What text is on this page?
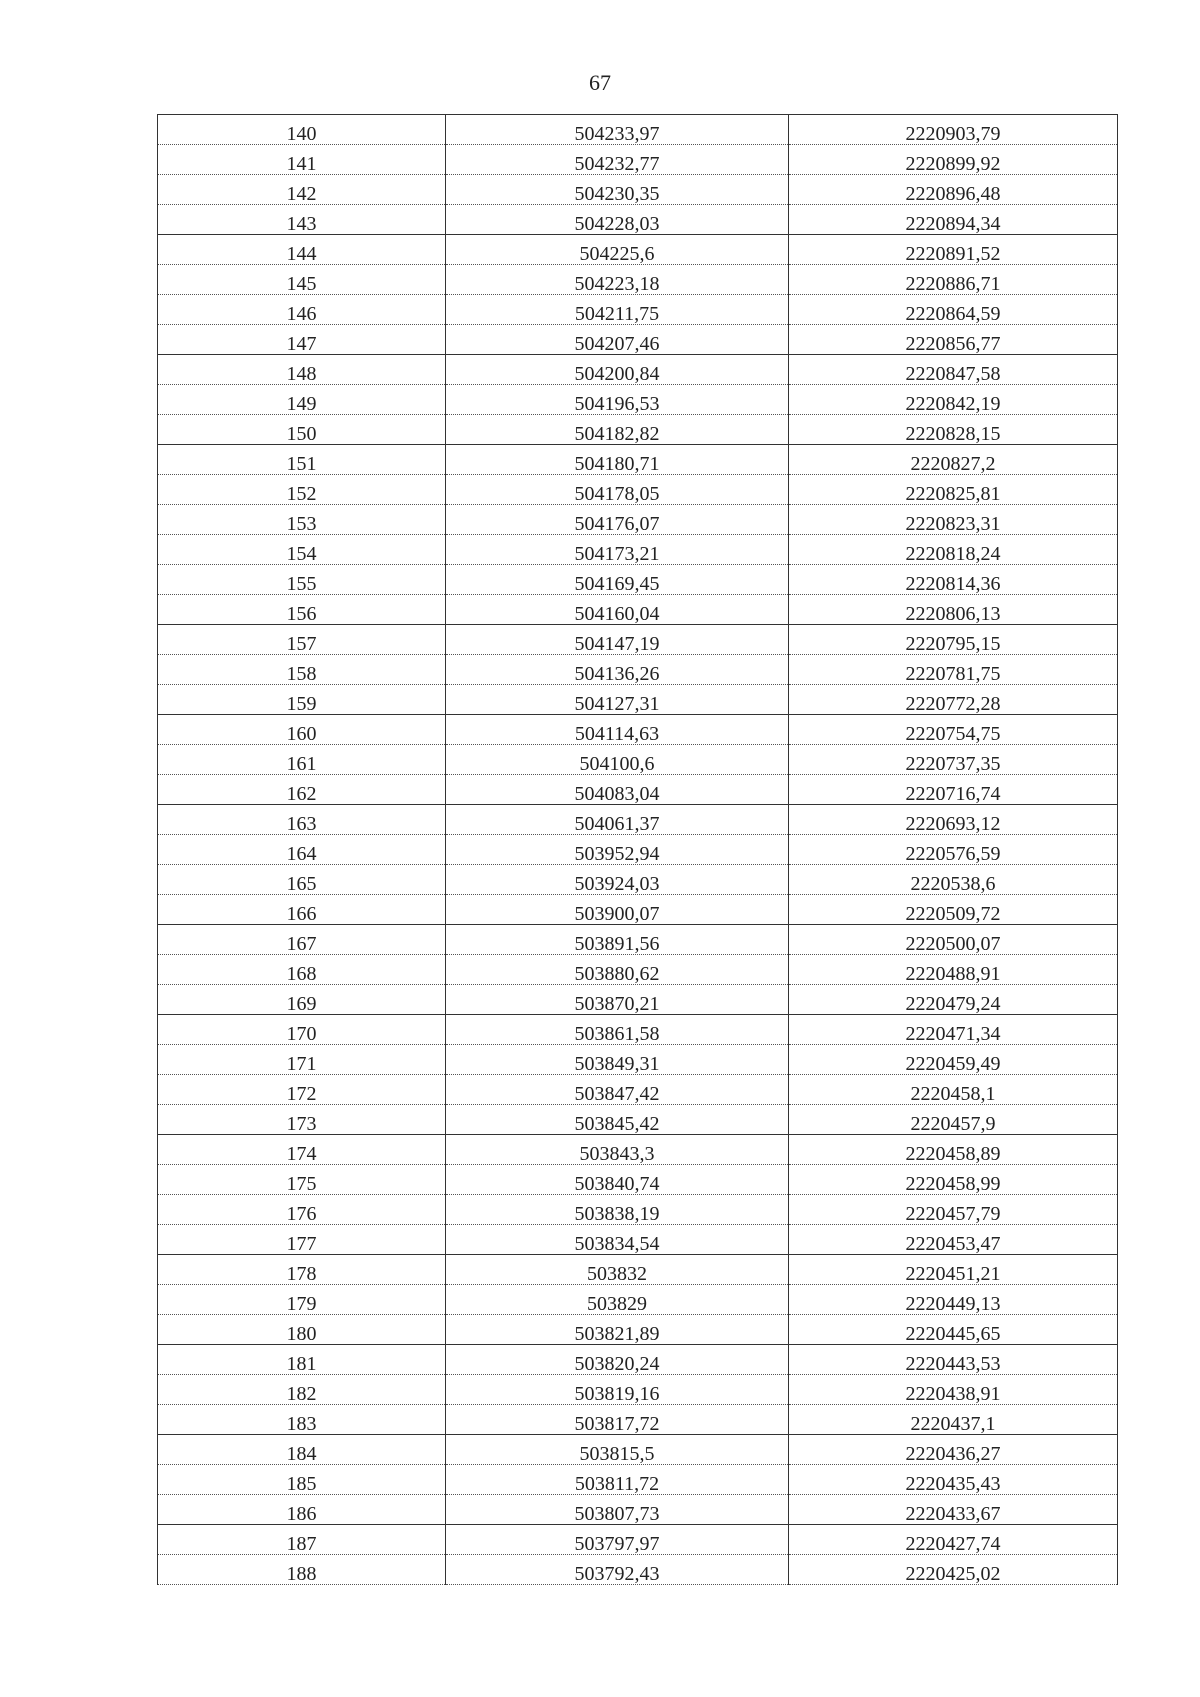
67
140	504233,97	2220903,79
141	504232,77	2220899,92
142	504230,35	2220896,48
143	504228,03	2220894,34
144	504225,6	2220891,52
145	504223,18	2220886,71
146	504211,75	2220864,59
147	504207,46	2220856,77
148	504200,84	2220847,58
149	504196,53	2220842,19
150	504182,82	2220828,15
151	504180,71	2220827,2
152	504178,05	2220825,81
153	504176,07	2220823,31
154	504173,21	2220818,24
155	504169,45	2220814,36
156	504160,04	2220806,13
157	504147,19	2220795,15
158	504136,26	2220781,75
159	504127,31	2220772,28
160	504114,63	2220754,75
161	504100,6	2220737,35
162	504083,04	2220716,74
163	504061,37	2220693,12
164	503952,94	2220576,59
165	503924,03	2220538,6
166	503900,07	2220509,72
167	503891,56	2220500,07
168	503880,62	2220488,91
169	503870,21	2220479,24
170	503861,58	2220471,34
171	503849,31	2220459,49
172	503847,42	2220458,1
173	503845,42	2220457,9
174	503843,3	2220458,89
175	503840,74	2220458,99
176	503838,19	2220457,79
177	503834,54	2220453,47
178	503832	2220451,21
179	503829	2220449,13
180	503821,89	2220445,65
181	503820,24	2220443,53
182	503819,16	2220438,91
183	503817,72	2220437,1
184	503815,5	2220436,27
185	503811,72	2220435,43
186	503807,73	2220433,67
187	503797,97	2220427,74
188	503792,43	2220425,02
